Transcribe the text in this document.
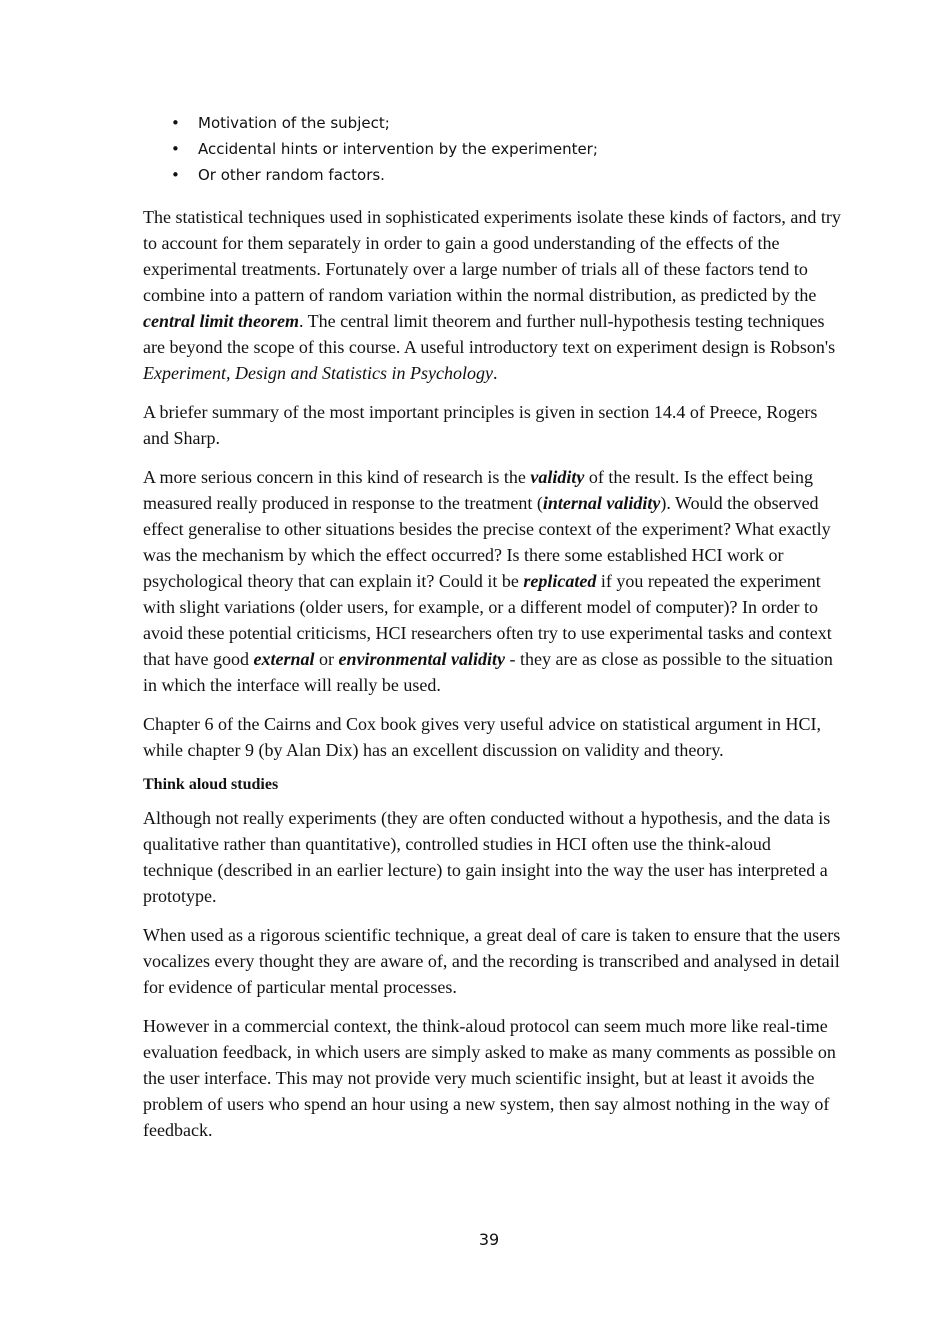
• Motivation of the subject;
• Accidental hints or intervention by the experimenter;
• Or other random factors.

The statistical techniques used in sophisticated experiments isolate these kinds of factors, and try to account for them separately in order to gain a good understanding of the effects of the experimental treatments. Fortunately over a large number of trials all of these factors tend to combine into a pattern of random variation within the normal distribution, as predicted by the central limit theorem. The central limit theorem and further null-hypothesis testing techniques are beyond the scope of this course. A useful introductory text on experiment design is Robson's Experiment, Design and Statistics in Psychology.

A briefer summary of the most important principles is given in section 14.4 of Preece, Rogers and Sharp.

A more serious concern in this kind of research is the validity of the result. Is the effect being measured really produced in response to the treatment (internal validity). Would the observed effect generalise to other situations besides the precise context of the experiment? What exactly was the mechanism by which the effect occurred? Is there some established HCI work or psychological theory that can explain it? Could it be replicated if you repeated the experiment with slight variations (older users, for example, or a different model of computer)? In order to avoid these potential criticisms, HCI researchers often try to use experimental tasks and context that have good external or environmental validity - they are as close as possible to the situation in which the interface will really be used.

Chapter 6 of the Cairns and Cox book gives very useful advice on statistical argument in HCI, while chapter 9 (by Alan Dix) has an excellent discussion on validity and theory.

Think aloud studies

Although not really experiments (they are often conducted without a hypothesis, and the data is qualitative rather than quantitative), controlled studies in HCI often use the think-aloud technique (described in an earlier lecture) to gain insight into the way the user has interpreted a prototype.

When used as a rigorous scientific technique, a great deal of care is taken to ensure that the users vocalizes every thought they are aware of, and the recording is transcribed and analysed in detail for evidence of particular mental processes.

However in a commercial context, the think-aloud protocol can seem much more like real-time evaluation feedback, in which users are simply asked to make as many comments as possible on the user interface. This may not provide very much scientific insight, but at least it avoids the problem of users who spend an hour using a new system, then say almost nothing in the way of feedback.

39
